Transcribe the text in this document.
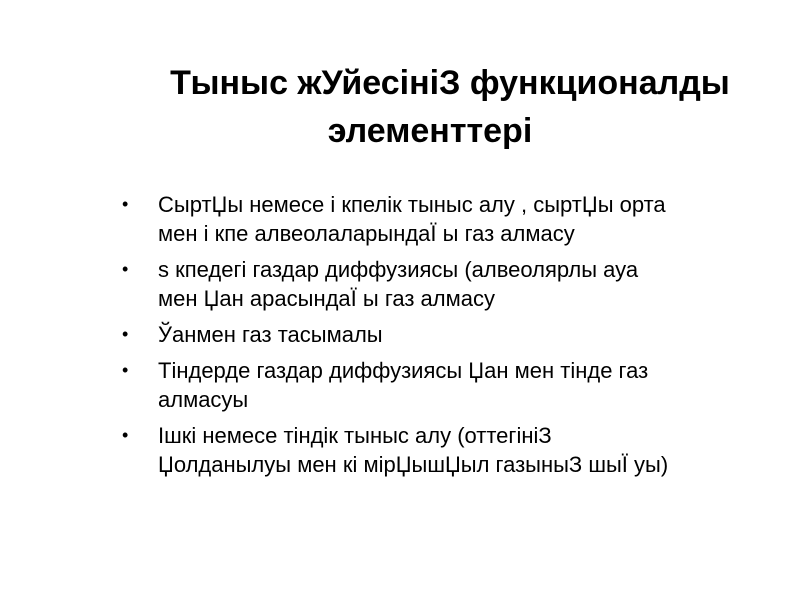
Тыныс жУйесініЗ функционалды
элементтері
• СыртЏы немесе і кпелік тыныс алу , сыртЏы орта
мен і кпе алвеолаларындаЇ ы газ алмасу
• s кпедегі газдар диффузиясы (алвеолярлы ауа
мен Џан арасындаЇ ы газ алмасу
• Ўанмен газ тасымалы
• Тіндерде газдар диффузиясы Џан мен тінде газ
алмасуы
• Ішкі немесе тіндік тыныс алу (оттегініЗ
Џолданылуы мен кі мірЏышЏыл газыныЗ шыЇ уы)
